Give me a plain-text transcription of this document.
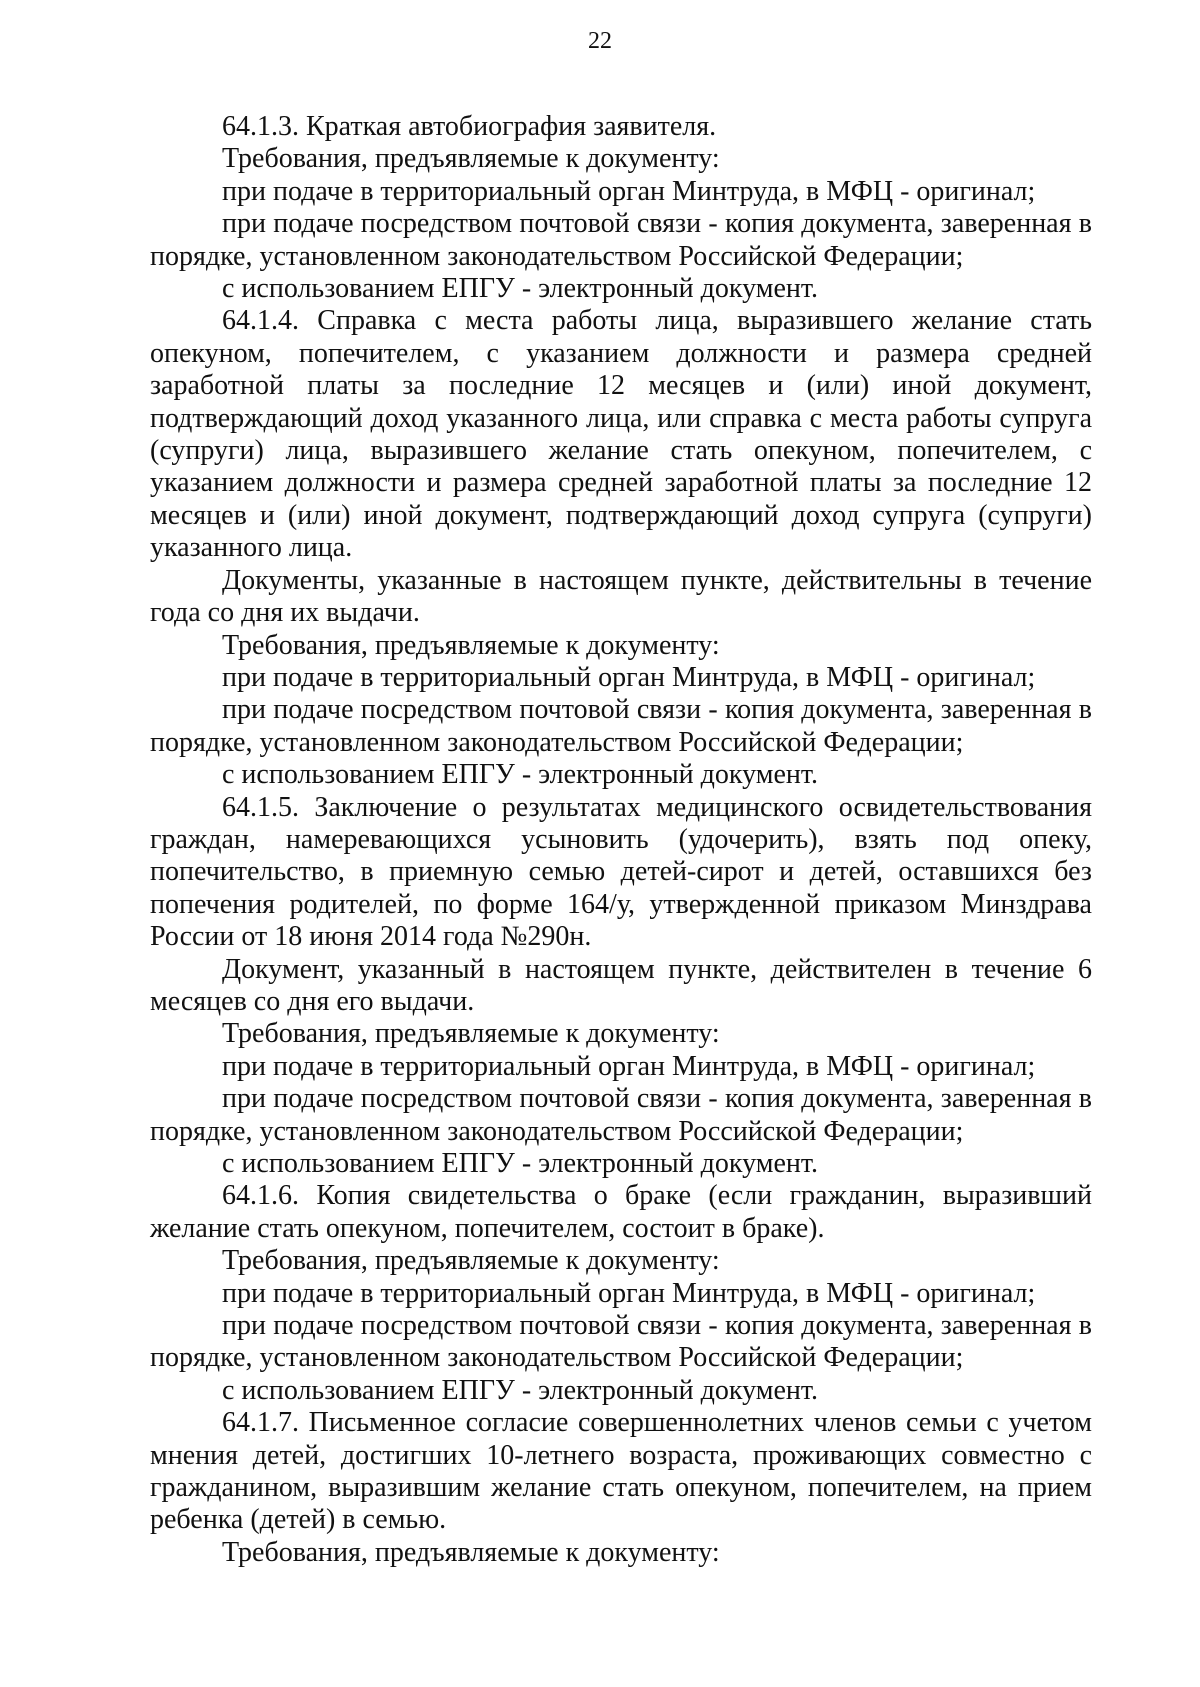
22

64.1.3. Краткая автобиография заявителя.

Требования, предъявляемые к документу:

при подаче в территориальный орган Минтруда, в МФЦ - оригинал;

при подаче посредством почтовой связи - копия документа, заверенная в порядке, установленном законодательством Российской Федерации;

с использованием ЕПГУ - электронный документ.

64.1.4. Справка с места работы лица, выразившего желание стать опекуном, попечителем, с указанием должности и размера средней заработной платы за последние 12 месяцев и (или) иной документ, подтверждающий доход указанного лица, или справка с места работы супруга (супруги) лица, выразившего желание стать опекуном, попечителем, с указанием должности и размера средней заработной платы за последние 12 месяцев и (или) иной документ, подтверждающий доход супруга (супруги) указанного лица.

Документы, указанные в настоящем пункте, действительны в течение года со дня их выдачи.

Требования, предъявляемые к документу:

при подаче в территориальный орган Минтруда, в МФЦ - оригинал;

при подаче посредством почтовой связи - копия документа, заверенная в порядке, установленном законодательством Российской Федерации;

с использованием ЕПГУ - электронный документ.

64.1.5. Заключение о результатах медицинского освидетельствования граждан, намеревающихся усыновить (удочерить), взять под опеку, попечительство, в приемную семью детей-сирот и детей, оставшихся без попечения родителей, по форме 164/у, утвержденной приказом Минздрава России от 18 июня 2014 года №290н.

Документ, указанный в настоящем пункте, действителен в течение 6 месяцев со дня его выдачи.

Требования, предъявляемые к документу:

при подаче в территориальный орган Минтруда, в МФЦ - оригинал;

при подаче посредством почтовой связи - копия документа, заверенная в порядке, установленном законодательством Российской Федерации;

с использованием ЕПГУ - электронный документ.

64.1.6. Копия свидетельства о браке (если гражданин, выразивший желание стать опекуном, попечителем, состоит в браке).

Требования, предъявляемые к документу:

при подаче в территориальный орган Минтруда, в МФЦ - оригинал;

при подаче посредством почтовой связи - копия документа, заверенная в порядке, установленном законодательством Российской Федерации;

с использованием ЕПГУ - электронный документ.

64.1.7. Письменное согласие совершеннолетних членов семьи с учетом мнения детей, достигших 10-летнего возраста, проживающих совместно с гражданином, выразившим желание стать опекуном, попечителем, на прием ребенка (детей) в семью.

Требования, предъявляемые к документу:
